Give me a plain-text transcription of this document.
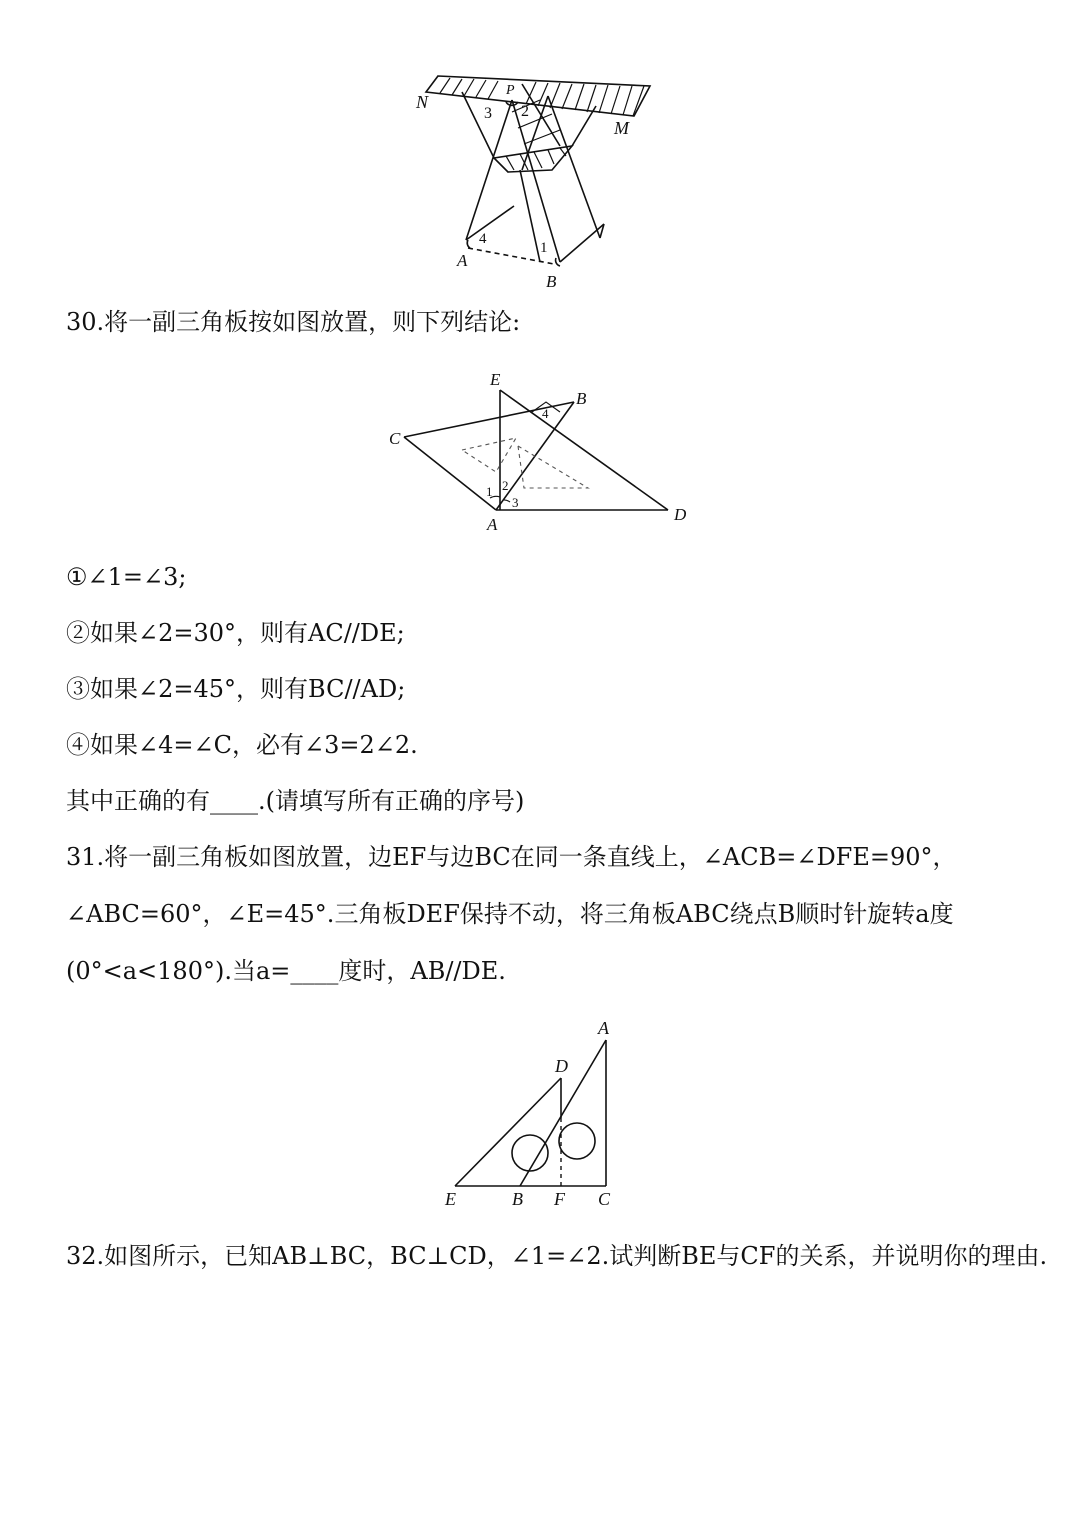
N
M
P
3 2
4
1
A
B
30.将一副三角板按如图放置，则下列结论:
E
B
C
D
A
4
1 2
3
①∠1=∠3;
②如果∠2=30°，则有AC//DE;
③如果∠2=45°，则有BC//AD;
④如果∠4=∠C，必有∠3=2∠2.
其中正确的有____.(请填写所有正确的序号)
31.将一副三角板如图放置，边EF与边BC在同一条直线上，∠ACB=∠DFE=90°，
∠ABC=60°，∠E=45°.三角板DEF保持不动，将三角板ABC绕点B顺时针旋转a度
(0°<a<180°).当a=____度时，AB//DE.
A
D
E	B F C
32.如图所示，已知AB⊥BC，BC⊥CD，∠1=∠2.试判断BE与CF的关系，并说明你的理由.
